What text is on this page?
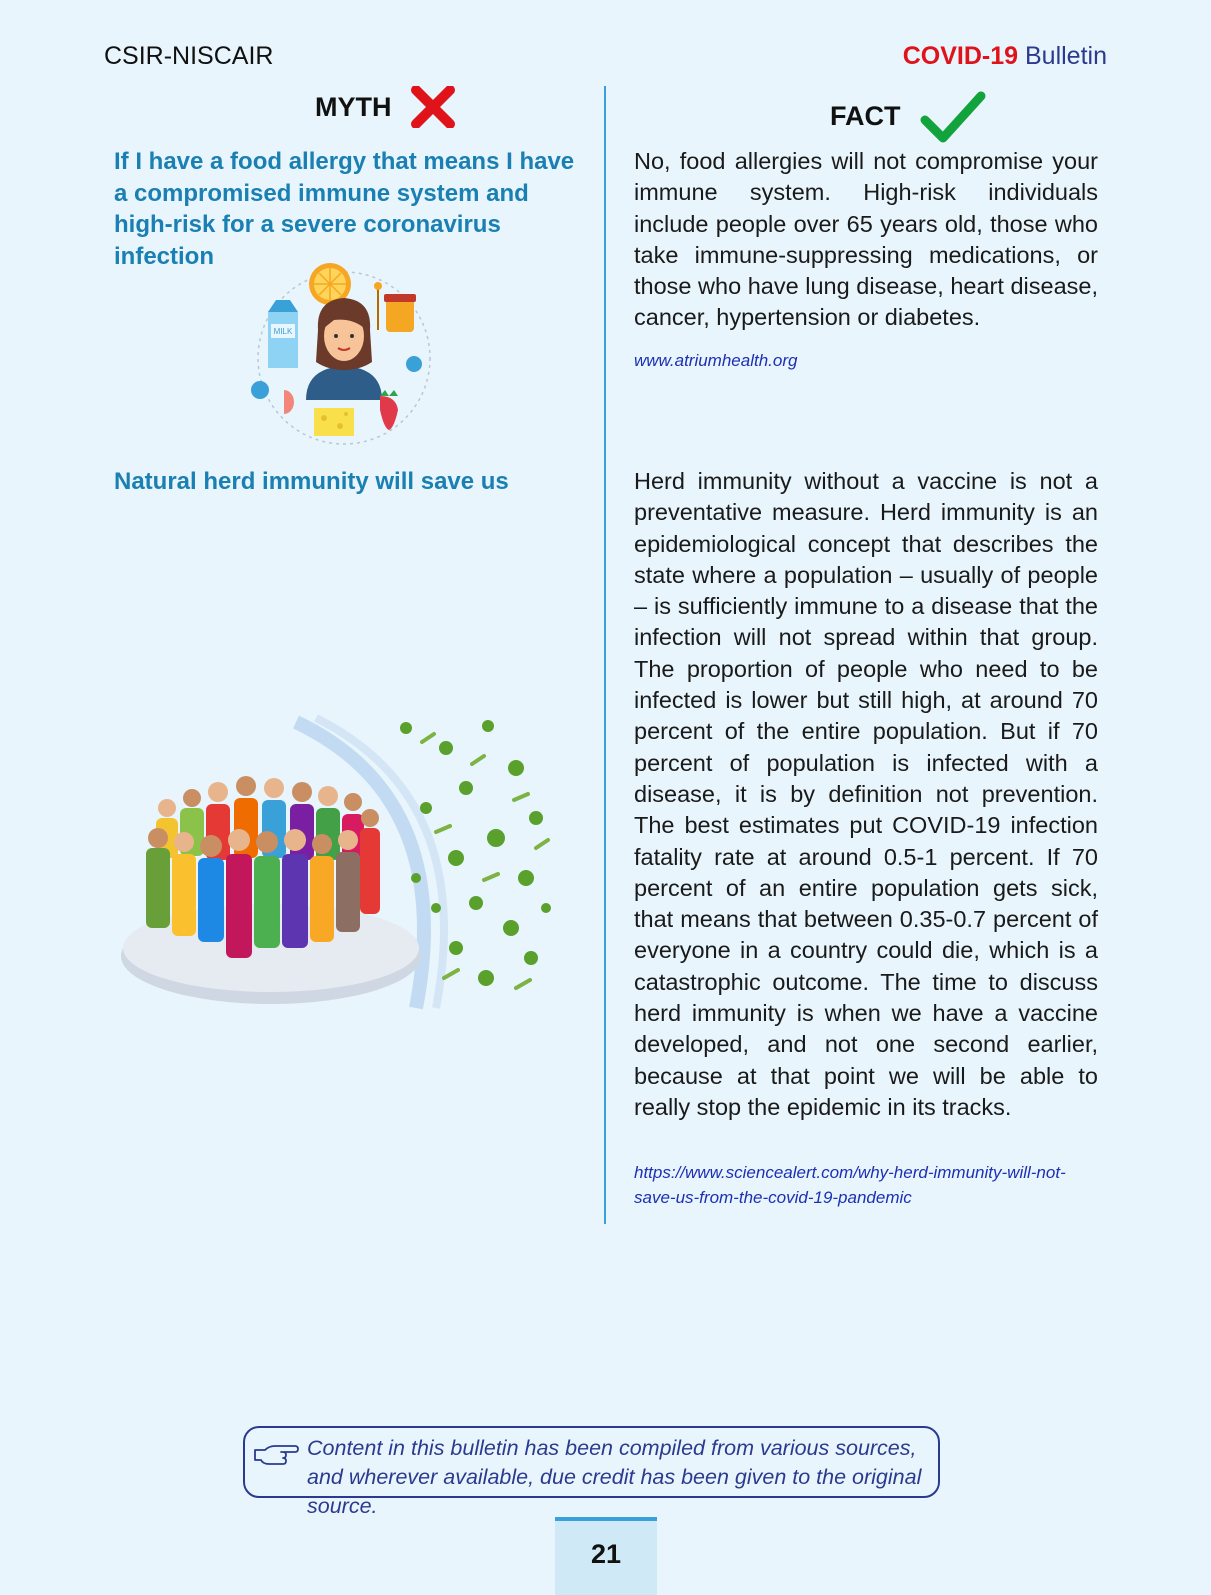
CSIR-NISCAIR	COVID-19 Bulletin
MYTH	FACT
If I have a food allergy that means I have a compromised immune system and high-risk for a severe coronavirus infection
No, food allergies will not compromise your immune system. High-risk individuals include people over 65 years old, those who take immune-suppressing medications, or those who have lung disease, heart disease, cancer, hypertension or diabetes.
www.atriumhealth.org
MILK
Natural herd immunity will save us	Herd immunity without a vaccine is not a preventative measure. Herd immunity is an epidemiological concept that describes the state where a population – usually of people – is sufficiently immune to a disease that the infection will not spread within that group. The proportion of people who need to be infected is lower but still high, at around 70 percent of the entire population. But if 70 percent of population is infected with a disease, it is by definition not prevention. The best estimates put COVID-19 infection fatality rate at around 0.5-1 percent. If 70 percent of an entire population gets sick, that means that between 0.35-0.7 percent of everyone in a country could die, which is a catastrophic outcome. The time to discuss herd immunity is when we have a vaccine developed, and not one second earlier, because at that point we will be able to really stop the epidemic in its tracks.
https://www.sciencealert.com/why-herd-immunity-will-not-save-us-from-the-covid-19-pandemic
Content in this bulletin has been compiled from various sources, and wherever available, due credit has been given to the original source.
21
